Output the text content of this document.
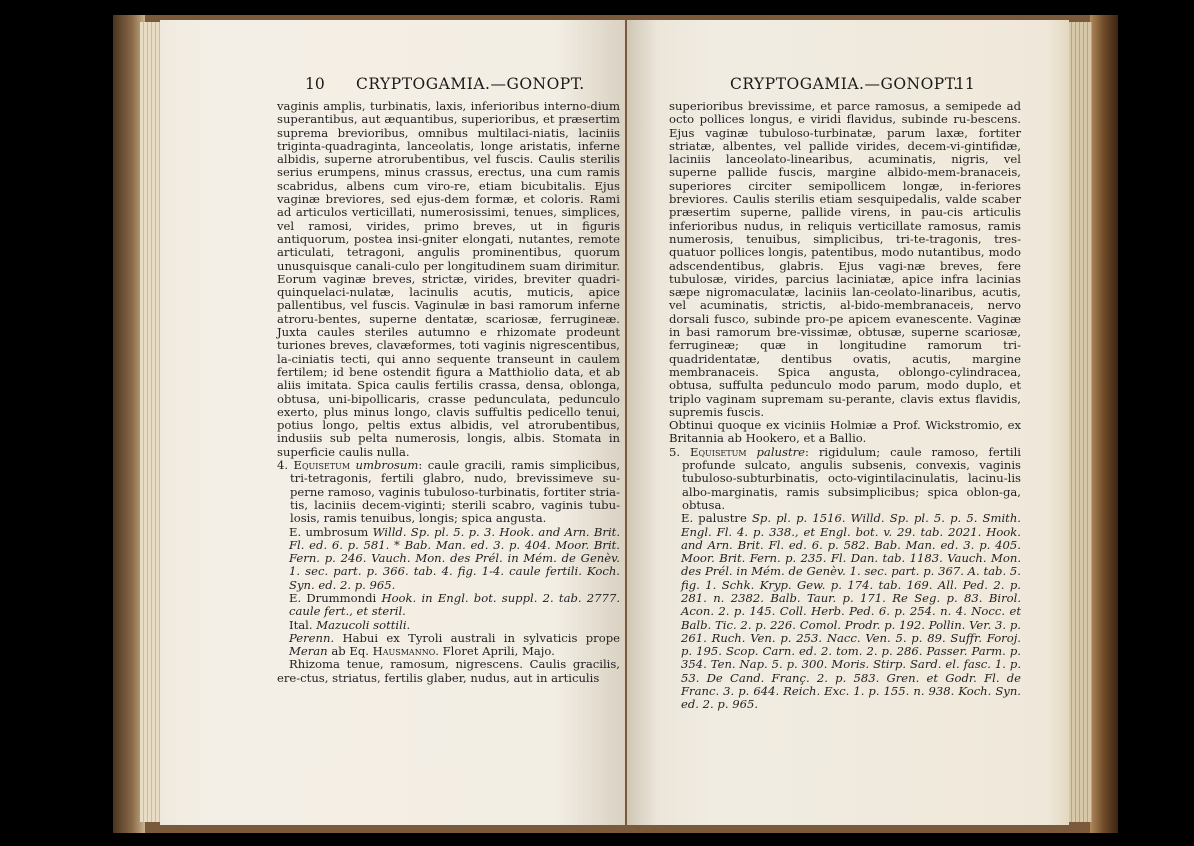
10 CRYPTOGAMIA.—GONOPT.

vaginis amplis, turbinatis, laxis, inferioribus interno-dium superantibus, aut æquantibus, superioribus, et præsertim suprema brevioribus, omnibus multilaci-niatis, laciniis triginta-quadraginta, lanceolatis, longe aristatis, inferne albidis, superne atrorubentibus, vel fuscis. Caulis sterilis serius erumpens, minus crassus, erectus, una cum ramis scabridus, albens cum viro-re, etiam bicubitalis. Ejus vaginæ breviores, sed ejus-dem formæ, et coloris. Rami ad articulos verticillati, numerosissimi, tenues, simplices, vel ramosi, virides, primo breves, ut in figuris antiquorum, postea insi-gniter elongati, nutantes, remote articulati, tetragoni, angulis prominentibus, quorum unusquisque canali-culo per longitudinem suam dirimitur. Eorum vaginæ breves, strictæ, virides, breviter quadri-quinquelaci-nulatæ, lacinulis acutis, muticis, apice pallentibus, vel fuscis. Vaginulæ in basi ramorum inferne atroru-bentes, superne dentatæ, scariosæ, ferrugineæ. Juxta caules steriles autumno e rhizomate prodeunt turiones breves, clavæformes, toti vaginis nigrescentibus, la-ciniatis tecti, qui anno sequente transeunt in caulem fertilem; id bene ostendit figura a Matthiolio data, et ab aliis imitata. Spica caulis fertilis crassa, densa, oblonga, obtusa, uni-bipollicaris, crasse pedunculata, pedunculo exerto, plus minus longo, clavis suffultis pedicello tenui, potius longo, peltis extus albidis, vel atrorubentibus, indusiis sub pelta numerosis, longis, albis. Stomata in superficie caulis nulla.

4. Equisetum umbrosum: caule gracili, ramis simplicibus, tri-tetragonis, fertili glabro, nudo, brevissimeve su-perne ramoso, vaginis tubuloso-turbinatis, fortiter stria-tis, laciniis decem-viginti; sterili scabro, vaginis tubu-losis, ramis tenuibus, longis; spica angusta.

E. umbrosum Willd. Sp. pl. 5. p. 3. Hook. and Arn. Brit. Fl. ed. 6. p. 581. * Bab. Man. ed. 3. p. 404. Moor. Brit. Fern. p. 246. Vauch. Mon. des Prél. in Mém. de Genèv. 1. sec. part. p. 366. tab. 4. fig. 1-4. caule fertili. Koch. Syn. ed. 2. p. 965.

E. Drummondi Hook. in Engl. bot. suppl. 2. tab. 2777. caule fert., et steril.

Ital. Mazucoli sottili.

Perenn. Habui ex Tyroli australi in sylvaticis prope Meran ab Eq. Hausmanno. Floret Aprili, Majo.

Rhizoma tenue, ramosum, nigrescens. Caulis gracilis, ere-ctus, striatus, fertilis glaber, nudus, aut in articulis

CRYPTOGAMIA.—GONOPT.
11

superioribus brevissime, et parce ramosus, a semipede ad octo pollices longus, e viridi flavidus, subinde ru-bescens. Ejus vaginæ tubuloso-turbinatæ, parum laxæ, fortiter striatæ, albentes, vel pallide virides, decem-vi-gintifidæ, laciniis lanceolato-linearibus, acuminatis, nigris, vel superne pallide fuscis, margine albido-mem-branaceis, superiores circiter semipollicem longæ, in-feriores breviores. Caulis sterilis etiam sesquipedalis, valde scaber præsertim superne, pallide virens, in pau-cis articulis inferioribus nudus, in reliquis verticillate ramosus, ramis numerosis, tenuibus, simplicibus, tri-te-tragonis, tres-quatuor pollices longis, patentibus, modo nutantibus, modo adscendentibus, glabris. Ejus vagi-næ breves, fere tubulosæ, virides, parcius laciniatæ, apice infra lacinias sæpe nigromaculatæ, laciniis lan-ceolato-linaribus, acutis, vel acuminatis, strictis, al-bido-membranaceis, nervo dorsali fusco, subinde pro-pe apicem evanescente. Vaginæ in basi ramorum bre-vissimæ, obtusæ, superne scariosæ, ferrugineæ; quæ in longitudine ramorum tri-quadridentatæ, dentibus ovatis, acutis, margine membranaceis. Spica angusta, oblongo-cylindracea, obtusa, suffulta pedunculo modo parum, modo duplo, et triplo vaginam supremam su-perante, clavis extus flavidis, supremis fuscis.

Obtinui quoque ex viciniis Holmiæ a Prof. Wickstromio, ex Britannia ab Hookero, et a Ballio.

5. Equisetum palustre: rigidulum; caule ramoso, fertili profunde sulcato, angulis subsenis, convexis, vaginis tubuloso-subturbinatis, octo-vigintilacinulatis, lacinu-lis albo-marginatis, ramis subsimplicibus; spica oblon-ga, obtusa.

E. palustre Sp. pl. p. 1516. Willd. Sp. pl. 5. p. 5. Smith. Engl. Fl. 4. p. 338., et Engl. bot. v. 29. tab. 2021. Hook. and Arn. Brit. Fl. ed. 6. p. 582. Bab. Man. ed. 3. p. 405. Moor. Brit. Fern. p. 235. Fl. Dan. tab. 1183. Vauch. Mon. des Prél. in Mém. de Genèv. 1. sec. part. p. 367. A. tab. 5. fig. 1. Schk. Kryp. Gew. p. 174. tab. 169. All. Ped. 2. p. 281. n. 2382. Balb. Taur. p. 171. Re Seg. p. 83. Birol. Acon. 2. p. 145. Coll. Herb. Ped. 6. p. 254. n. 4. Nocc. et Balb. Tic. 2. p. 226. Comol. Prodr. p. 192. Pollin. Ver. 3. p. 261. Ruch. Ven. p. 253. Nacc. Ven. 5. p. 89. Suffr. Foroj. p. 195. Scop. Carn. ed. 2. tom. 2. p. 286. Passer. Parm. p. 354. Ten. Nap. 5. p. 300. Moris. Stirp. Sard. el. fasc. 1. p. 53. De Cand. Franç. 2. p. 583. Gren. et Godr. Fl. de Franc. 3. p. 644. Reich. Exc. 1. p. 155. n. 938. Koch. Syn. ed. 2. p. 965.
